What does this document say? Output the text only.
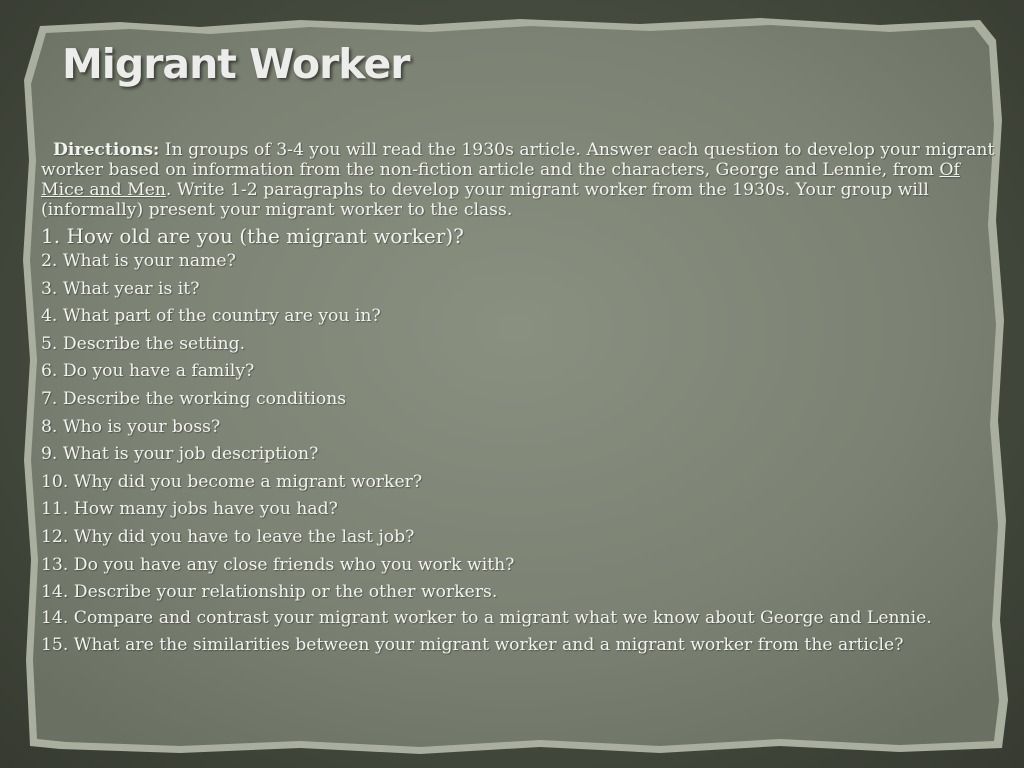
Migrant Worker

Directions: In groups of 3-4 you will read the 1930s article. Answer each question to develop your migrant worker based on information from the non-fiction article and the characters, George and Lennie, from Of Mice and Men. Write 1-2 paragraphs to develop your migrant worker from the 1930s. Your group will (informally) present your migrant worker to the class.

1. How old are you (the migrant worker)?
2. What is your name?
3. What year is it?
4. What part of the country are you in?
5. Describe the setting.
6. Do you have a family?
7. Describe the working conditions
8. Who is your boss?
9. What is your job description?
10. Why did you become a migrant worker?
11. How many jobs have you had?
12. Why did you have to leave the last job?
13. Do you have any close friends who you work with?
14. Describe your relationship or the other workers.
14. Compare and contrast your migrant worker to a migrant what we know about George and Lennie.
15. What are the similarities between your migrant worker and a migrant worker from the article?
